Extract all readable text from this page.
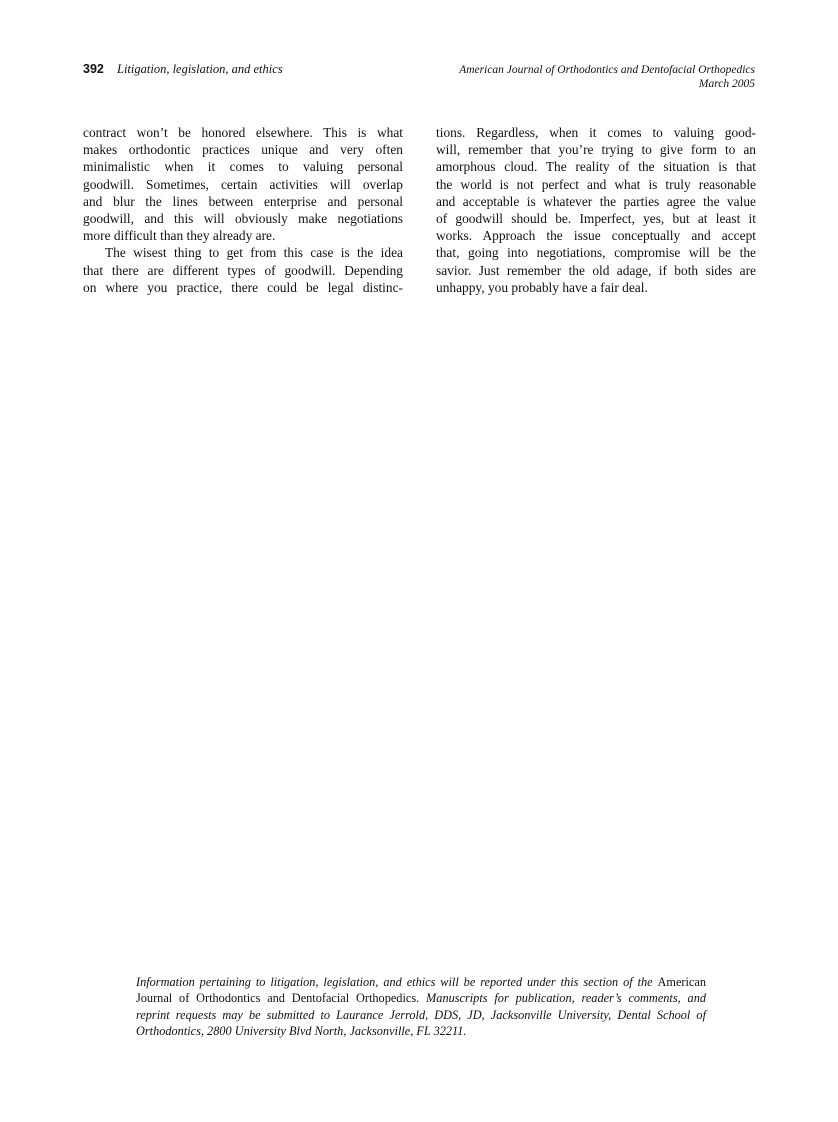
392 Litigation, legislation, and ethics	American Journal of Orthodontics and Dentofacial Orthopedics
March 2005
contract won’t be honored elsewhere. This is what
makes orthodontic practices unique and very often
minimalistic when it comes to valuing personal
goodwill. Sometimes, certain activities will overlap
and blur the lines between enterprise and personal
goodwill, and this will obviously make negotiations
more difficult than they already are.
The wisest thing to get from this case is the idea
that there are different types of goodwill. Depending
on where you practice, there could be legal distinc-
tions. Regardless, when it comes to valuing good-
will, remember that you’re trying to give form to an
amorphous cloud. The reality of the situation is that
the world is not perfect and what is truly reasonable
and acceptable is whatever the parties agree the value
of goodwill should be. Imperfect, yes, but at least it
works. Approach the issue conceptually and accept
that, going into negotiations, compromise will be the
savior. Just remember the old adage, if both sides are
unhappy, you probably have a fair deal.
Information pertaining to litigation, legislation, and ethics will be reported under this section of the American
Journal of Orthodontics and Dentofacial Orthopedics. Manuscripts for publication, reader’s comments, and
reprint requests may be submitted to Laurance Jerrold, DDS, JD, Jacksonville University, Dental School of
Orthodontics, 2800 University Blvd North, Jacksonville, FL 32211.
